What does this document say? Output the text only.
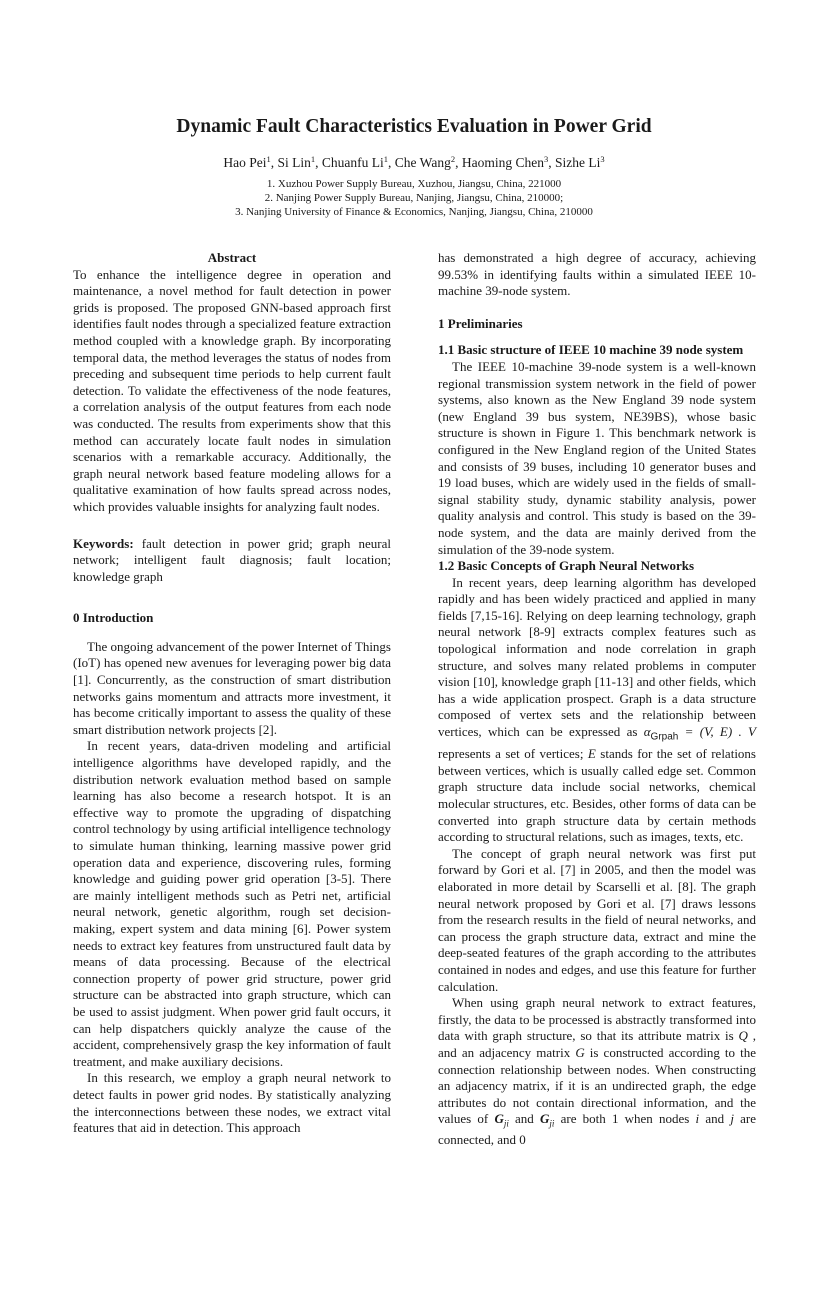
Dynamic Fault Characteristics Evaluation in Power Grid
Hao Pei$^1$, Si Lin$^1$, Chuanfu Li$^1$, Che Wang$^2$, Haoming Chen$^3$, Sizhe Li$^3$
1. Xuzhou Power Supply Bureau, Xuzhou, Jiangsu, China, 221000
2. Nanjing Power Supply Bureau, Nanjing, Jiangsu, China, 210000;
3. Nanjing University of Finance & Economics, Nanjing, Jiangsu, China, 210000

Abstract

To enhance the intelligence degree in operation and maintenance, a novel method for fault detection in power grids is proposed. The proposed GNN-based approach first identifies fault nodes through a specialized feature extraction method coupled with a knowledge graph. By incorporating temporal data, the method leverages the status of nodes from preceding and subsequent time periods to help current fault detection. To validate the effectiveness of the node features, a correlation analysis of the output features from each node was conducted. The results from experiments show that this method can accurately locate fault nodes in simulation scenarios with a remarkable accuracy. Additionally, the graph neural network based feature modeling allows for a qualitative examination of how faults spread across nodes, which provides valuable insights for analyzing fault nodes.

Keywords: fault detection in power grid; graph neural network; intelligent fault diagnosis; fault location; knowledge graph

0 Introduction

The ongoing advancement of the power Internet of Things (IoT) has opened new avenues for leveraging power big data [1]. Concurrently, as the construction of smart distribution networks gains momentum and attracts more investment, it has become critically important to assess the quality of these smart distribution network projects [2].

In recent years, data-driven modeling and artificial intelligence algorithms have developed rapidly, and the distribution network evaluation method based on sample learning has also become a research hotspot. It is an effective way to promote the upgrading of dispatching control technology by using artificial intelligence technology to simulate human thinking, learning massive power grid operation data and experience, discovering rules, forming knowledge and guiding power grid operation [3-5]. There are mainly intelligent methods such as Petri net, artificial neural network, genetic algorithm, rough set decision-making, expert system and data mining [6]. Power system needs to extract key features from unstructured fault data by means of data processing. Because of the electrical connection property of power grid structure, power grid structure can be abstracted into graph structure, which can be used to assist judgment. When power grid fault occurs, it can help dispatchers quickly analyze the cause of the accident, comprehensively grasp the key information of fault treatment, and make auxiliary decisions.

In this research, we employ a graph neural network to detect faults in power grid nodes. By statistically analyzing the interconnections between these nodes, we extract vital features that aid in detection. This approach

has demonstrated a high degree of accuracy, achieving 99.53% in identifying faults within a simulated IEEE 10-machine 39-node system.

1 Preliminaries

1.1 Basic structure of IEEE 10 machine 39 node system

The IEEE 10-machine 39-node system is a well-known regional transmission system network in the field of power systems, also known as the New England 39 node system (new England 39 bus system, NE39BS), whose basic structure is shown in Figure 1. This benchmark network is configured in the New England region of the United States and consists of 39 buses, including 10 generator buses and 19 load buses, which are widely used in the fields of small-signal stability study, dynamic stability analysis, power quality analysis and control. This study is based on the 39-node system, and the data are mainly derived from the simulation of the 39-node system.

1.2 Basic Concepts of Graph Neural Networks

In recent years, deep learning algorithm has developed rapidly and has been widely practiced and applied in many fields [7,15-16]. Relying on deep learning technology, graph neural network [8-9] extracts complex features such as topological information and node correlation in graph structure, and solves many related problems in computer vision [10], knowledge graph [11-13] and other fields, which has a wide application prospect. Graph is a data structure composed of vertex sets and the relationship between vertices, which can be expressed as $\alpha_{Grpah} = (V$, E) . V represents a set of vertices; E stands for the set of relations between vertices, which is usually called edge set. Common graph structure data include social networks, chemical molecular structures, etc. Besides, other forms of data can be converted into graph structure data by certain methods according to structural relations, such as images, texts, etc.

The concept of graph neural network was first put forward by Gori et al. [7] in 2005, and then the model was elaborated in more detail by Scarselli et al. [8]. The graph neural network proposed by Gori et al. [7] draws lessons from the research results in the field of neural networks, and can process the graph structure data, extract and mine the deep-seated features of the graph according to the attributes contained in nodes and edges, and use this feature for further calculation.

When using graph neural network to extract features, firstly, the data to be processed is abstractly transformed into data with graph structure, so that its attribute matrix is Q , and an adjacency matrix G is constructed according to the connection relationship between nodes. When constructing an adjacency matrix, if it is an undirected graph, the edge attributes do not contain directional information, and the values of $G_{ji}$ and $G_{ji}$ are both 1 when nodes i and j are connected, and 0
